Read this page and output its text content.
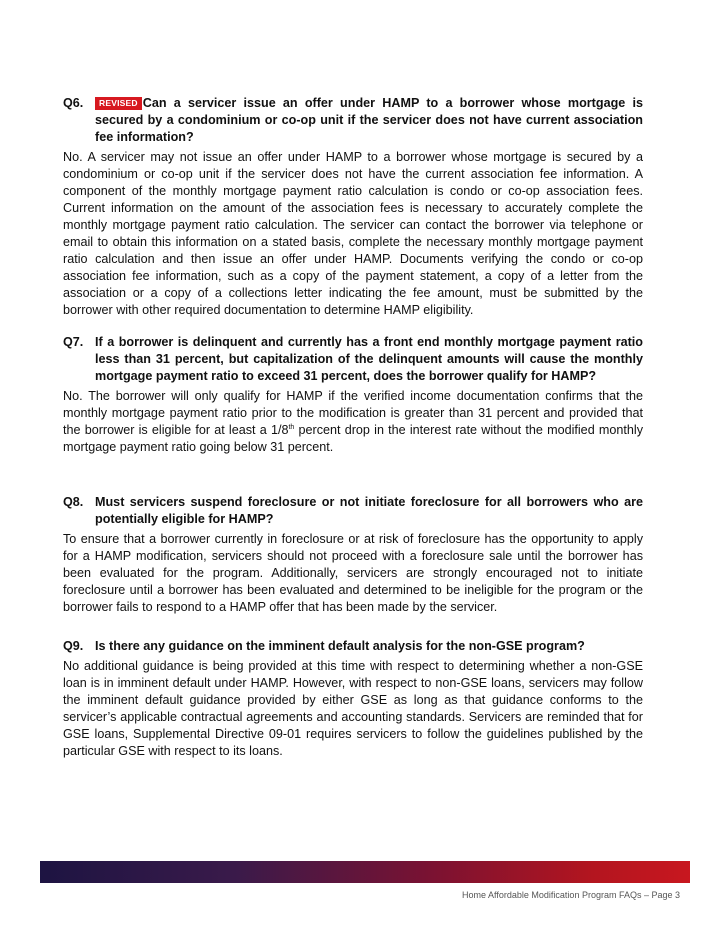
Q6. REVISED Can a servicer issue an offer under HAMP to a borrower whose mortgage is secured by a condominium or co-op unit if the servicer does not have current association fee information?

No. A servicer may not issue an offer under HAMP to a borrower whose mortgage is secured by a condominium or co-op unit if the servicer does not have the current association fee information. A component of the monthly mortgage payment ratio calculation is condo or co-op association fees. Current information on the amount of the association fees is necessary to accurately complete the monthly mortgage payment ratio calculation. The servicer can contact the borrower via telephone or email to obtain this information on a stated basis, complete the necessary monthly mortgage payment ratio calculation and then issue an offer under HAMP. Documents verifying the condo or co-op association fee information, such as a copy of the payment statement, a copy of a letter from the association or a copy of a collections letter indicating the fee amount, must be submitted by the borrower with other required documentation to determine HAMP eligibility.

Q7. If a borrower is delinquent and currently has a front end monthly mortgage payment ratio less than 31 percent, but capitalization of the delinquent amounts will cause the monthly mortgage payment ratio to exceed 31 percent, does the borrower qualify for HAMP?

No. The borrower will only qualify for HAMP if the verified income documentation confirms that the monthly mortgage payment ratio prior to the modification is greater than 31 percent and provided that the borrower is eligible for at least a 1/8th percent drop in the interest rate without the modified monthly mortgage payment ratio going below 31 percent.

Q8. Must servicers suspend foreclosure or not initiate foreclosure for all borrowers who are potentially eligible for HAMP?

To ensure that a borrower currently in foreclosure or at risk of foreclosure has the opportunity to apply for a HAMP modification, servicers should not proceed with a foreclosure sale until the borrower has been evaluated for the program. Additionally, servicers are strongly encouraged not to initiate foreclosure until a borrower has been evaluated and determined to be ineligible for the program or the borrower fails to respond to a HAMP offer that has been made by the servicer.

Q9. Is there any guidance on the imminent default analysis for the non-GSE program?

No additional guidance is being provided at this time with respect to determining whether a non-GSE loan is in imminent default under HAMP. However, with respect to non-GSE loans, servicers may follow the imminent default guidance provided by either GSE as long as that guidance conforms to the servicer’s applicable contractual agreements and accounting standards. Servicers are reminded that for GSE loans, Supplemental Directive 09-01 requires servicers to follow the guidelines published by the particular GSE with respect to its loans.

Home Affordable Modification Program FAQs – Page 3
